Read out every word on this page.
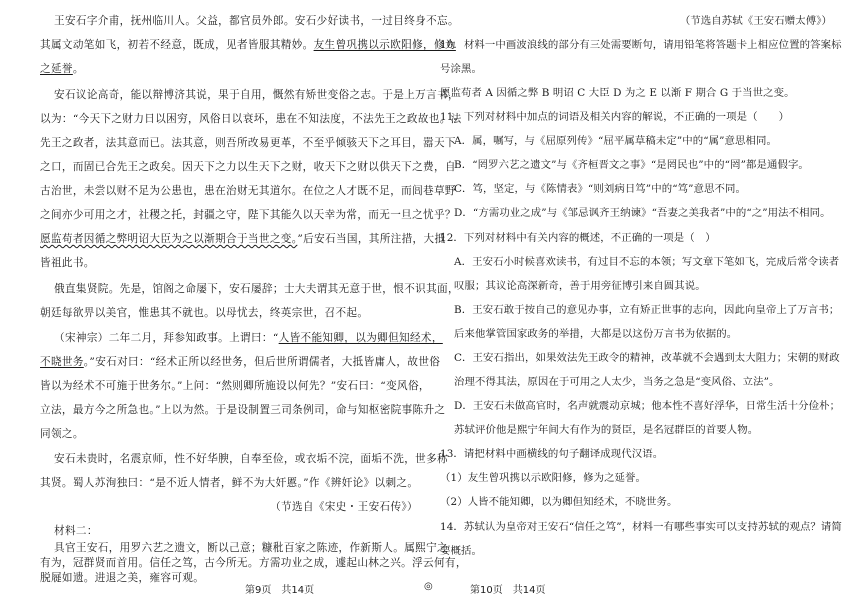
王安石字介甫，抚州临川人。父益，都官员外郎。安石少好读书，一过目终身不忘。
其属文动笔如飞，初若不经意，既成，见者皆服其精妙。友生曾巩携以示欧阳修，修为
之延誉。
安石议论高奇，能以辩博济其说，果于自用，慨然有矫世变俗之志。于是上万言书，
以为：“今天下之财力日以困穷，风俗日以衰坏，患在不知法度，不法先王之政故也。法
先王之政者，法其意而已。法其意，则吾所改易更革，不至乎倾骇天下之耳目，嚣天下
之口，而固已合先王之政矣。因天下之力以生天下之财，收天下之财以供天下之费，自
古治世，未尝以财不足为公患也，患在治财无其道尔。在位之人才既不足，而闾巷草野
之间亦少可用之才，社稷之托，封疆之守，陛下其能久以天幸为常，而无一旦之忧乎？
愿监苟者因循之弊明诏大臣为之以渐期合于当世之变。”后安石当国，其所注措，大抵
皆祖此书。
俄直集贤院。先是，馆阁之命屡下，安石屡辞；士大夫谓其无意于世，恨不识其面，
朝廷每欲畀以美官，惟患其不就也。以母忧去，终英宗世，召不起。
（宋神宗）二年二月，拜参知政事。上谓曰：“人皆不能知卿，以为卿但知经术，
不晓世务。”安石对曰：“经术正所以经世务，但后世所谓儒者，大抵皆庸人，故世俗
皆以为经术不可施于世务尔。”上问：“然则卿所施设以何先？”安石曰：“变风俗，
立法，最方今之所急也。”上以为然。于是设制置三司条例司，命与知枢密院事陈升之
同领之。
安石未贵时，名震京师，性不好华腴，自奉至俭，或衣垢不浣，面垢不洗，世多称
其贤。蜀人苏洵独曰：“是不近人情者，鲜不为大奸慝。”作《辨奸论》以刺之。
（节选自《宋史・王安石传》）
材料二：
具官王安石，用罗六艺之遗文，断以己意；糠秕百家之陈迹，作新斯人。属熙宁之
有为，冠群贤而首用。信任之笃，古今所无。方需功业之成，遽起山林之兴。浮云何有，
脱屣如遗。进退之美，雍容可观。
（节选自苏轼《王安石赠太傅》）
10．材料一中画波浪线的部分有三处需要断句，请用铅笔将答题卡上相应位置的答案标
号涂黑。
愿监苟者 A 因循之弊 B 明诏 C 大臣 D 为之 E 以渐 F 期合 G 于当世之变。
11．下列对材料中加点的词语及相关内容的解说，不正确的一项是（　　）
A．属，嘱写，与《屈原列传》“屈平属草稿未定”中的“属”意思相同。
B．“罔罗六艺之遗文”与《齐桓晋文之事》“是罔民也”中的“罔”都是通假字。
C．笃，坚定，与《陈情表》“则刘病日笃”中的“笃”意思不同。
D．“方需功业之成”与《邹忌讽齐王纳谏》“吾妻之美我者”中的“之”用法不相同。
12．下列对材料中有关内容的概述，不正确的一项是（　）
A．王安石小时候喜欢读书，有过目不忘的本领；写文章下笔如飞，完成后常令读者
叹服；其议论高深新奇，善于用旁征博引来自圆其说。
B．王安石敢于按自己的意见办事，立有矫正世事的志向，因此向皇帝上了万言书；
后来他掌管国家政务的举措，大都是以这份万言书为依据的。
C．王安石指出，如果效法先王政令的精神，改革就不会遇到太大阻力；宋朝的财政
治理不得其法，原因在于可用之人太少，当务之急是“变风俗、立法”。
D．王安石未做高官时，名声就震动京城；他本性不喜好浮华，日常生活十分俭朴；
苏轼评价他是熙宁年间大有作为的贤臣，是名冠群臣的首要人物。
13．请把材料中画横线的句子翻译成现代汉语。
（1）友生曾巩携以示欧阳修，修为之延誉。
（2）人皆不能知卿，以为卿但知经术，不晓世务。
14．苏轼认为皇帝对王安石“信任之笃”，材料一有哪些事实可以支持苏轼的观点？请简
要概括。
第9页　共14页	◎	第10页　共14页
